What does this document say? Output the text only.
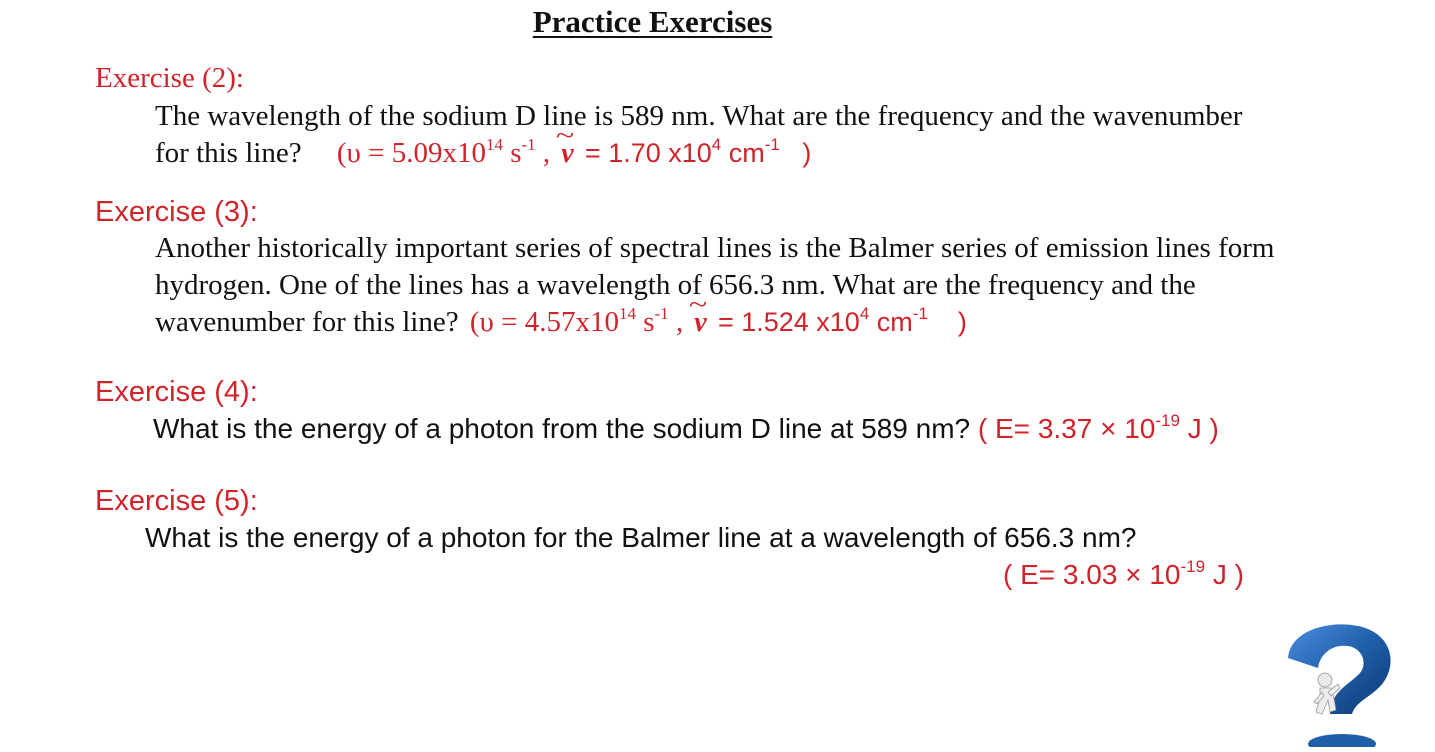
Practice Exercises
Exercise (2):
The wavelength of the sodium D line is 589 nm. What are the frequency and the wavenumber
for this line? ($\upsilon = 5.09x10^{14}$ $s^{-1}$ , ν ~ = 1.70 $x10^4$ $cm^{-1}$   )
Exercise (3):
Another historically important series of spectral lines is the Balmer series of emission lines form
hydrogen. One of the lines has a wavelength of 656.3 nm. What are the frequency and the
wavenumber for this line? ($\upsilon = 4.57x10^{14}$ $s^{-1}$ , ν ~ = 1.524 $x10^4$ $cm^{-1}$    )
Exercise (4):
What is the energy of a photon from the sodium D line at 589 nm? ( $E= 3.37 \times 10^{-19}$ J )
Exercise (5):
What is the energy of a photon for the Balmer line at a wavelength of 656.3 nm?
( $E= 3.03 \times 10^{-19}$ J )
